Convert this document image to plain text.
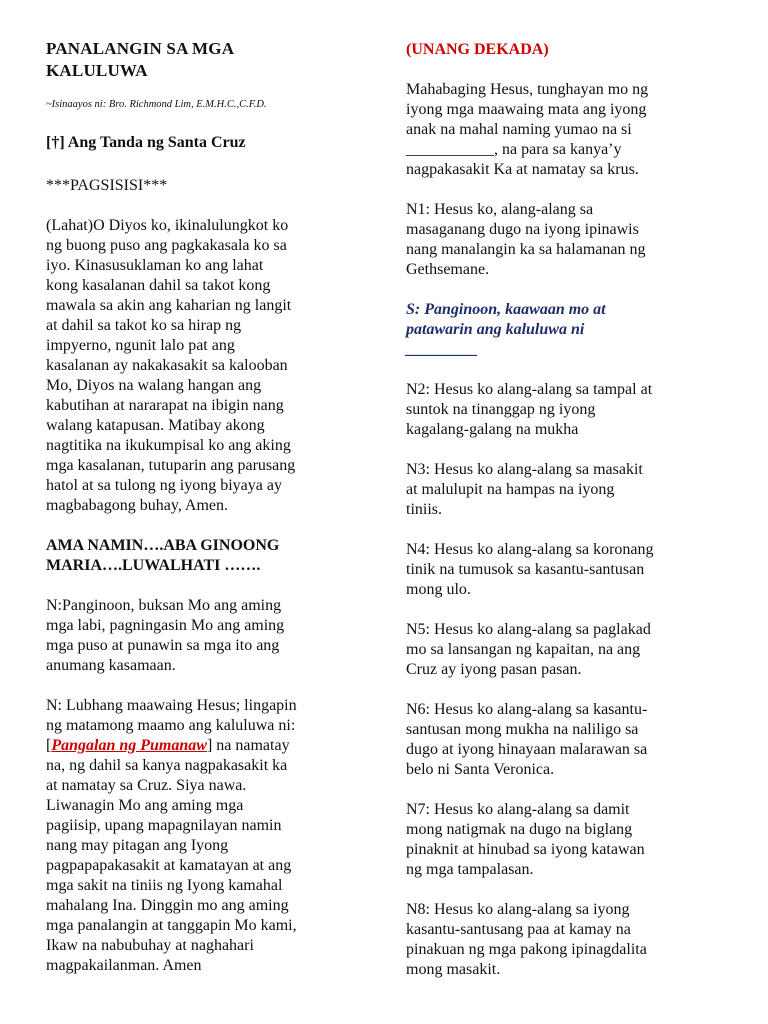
PANALANGIN SA MGA
KALULUWA
~Isinaayos ni: Bro. Richmond Lim, E.M.H.C.,C.F.D.
[†] Ang Tanda ng Santa Cruz
***PAGSISISI***
(Lahat)O Diyos ko, ikinalulungkot ko
ng buong puso ang pagkakasala ko sa
iyo. Kinasusuklaman ko ang lahat
kong kasalanan dahil sa takot kong
mawala sa akin ang kaharian ng langit
at dahil sa takot ko sa hirap ng
impyerno, ngunit lalo pat ang
kasalanan ay nakakasakit sa kalooban
Mo, Diyos na walang hangan ang
kabutihan at nararapat na ibigin nang
walang katapusan. Matibay akong
nagtitika na ikukumpisal ko ang aking
mga kasalanan, tutuparin ang parusang
hatol at sa tulong ng iyong biyaya ay
magbabagong buhay, Amen.
AMA NAMIN….ABA GINOONG
MARIA….LUWALHATI …….
N:Panginoon, buksan Mo ang aming
mga labi, pagningasin Mo ang aming
mga puso at punawin sa mga ito ang
anumang kasamaan.
N: Lubhang maawaing Hesus; lingapin
ng matamong maamo ang kaluluwa ni:
[Pangalan ng Pumanaw] na namatay
na, ng dahil sa kanya nagpakasakit ka
at namatay sa Cruz. Siya nawa.
Liwanagin Mo ang aming mga
pagiisip, upang mapagnilayan namin
nang may pitagan ang Iyong
pagpapapakasakit at kamatayan at ang
mga sakit na tiniis ng Iyong kamahal
mahalang Ina. Dinggin mo ang aming
mga panalangin at tanggapin Mo kami,
Ikaw na nabubuhay at naghahari
magpakailanman. Amen
(UNANG DEKADA)
Mahabaging Hesus, tunghayan mo ng
iyong mga maawaing mata ang iyong
anak na mahal naming yumao na si
___________, na para sa kanya’y
nagpakasakit Ka at namatay sa krus.
N1: Hesus ko, alang-alang sa
masaganang dugo na iyong ipinawis
nang manalangin ka sa halamanan ng
Gethsemane.
S: Panginoon, kaawaan mo at
patawarin ang kaluluwa ni
_________
N2: Hesus ko alang-alang sa tampal at
suntok na tinanggap ng iyong
kagalang-galang na mukha
N3: Hesus ko alang-alang sa masakit
at malulupit na hampas na iyong
tiniis.
N4: Hesus ko alang-alang sa koronang
tinik na tumusok sa kasantu-santusan
mong ulo.
N5: Hesus ko alang-alang sa paglakad
mo sa lansangan ng kapaitan, na ang
Cruz ay iyong pasan pasan.
N6: Hesus ko alang-alang sa kasantu-
santusan mong mukha na naliligo sa
dugo at iyong hinayaan malarawan sa
belo ni Santa Veronica.
N7: Hesus ko alang-alang sa damit
mong natigmak na dugo na biglang
pinaknit at hinubad sa iyong katawan
ng mga tampalasan.
N8: Hesus ko alang-alang sa iyong
kasantu-santusang paa at kamay na
pinakuan ng mga pakong ipinagdalita
mong masakit.
